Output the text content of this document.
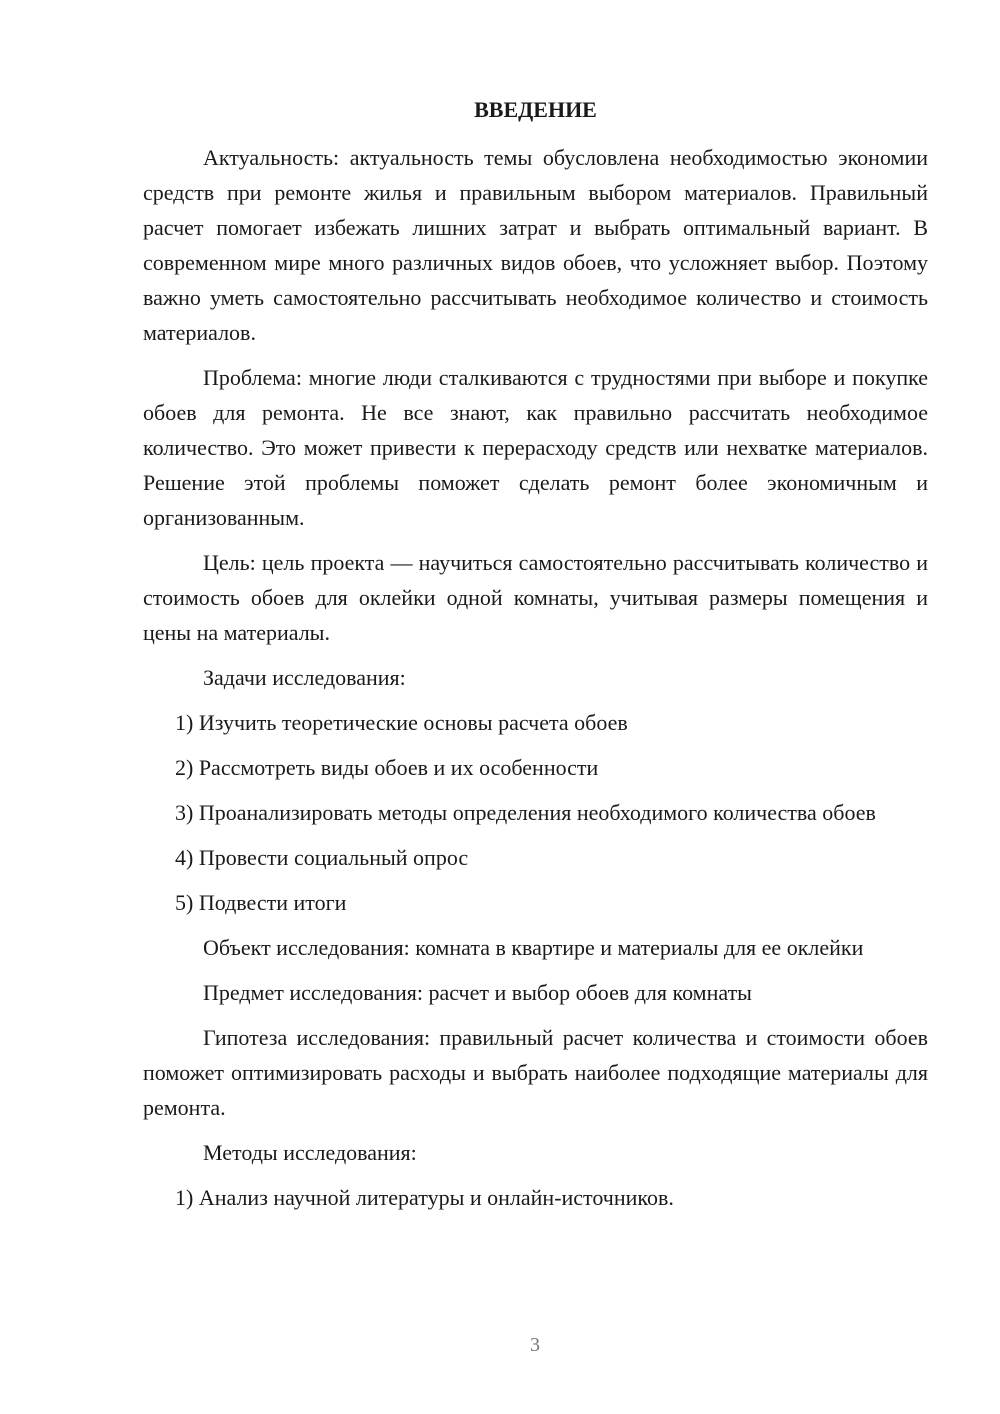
ВВЕДЕНИЕ

Актуальность: актуальность темы обусловлена необходимостью экономии средств при ремонте жилья и правильным выбором материалов. Правильный расчет помогает избежать лишних затрат и выбрать оптимальный вариант. В современном мире много различных видов обоев, что усложняет выбор. Поэтому важно уметь самостоятельно рассчитывать необходимое количество и стоимость материалов.

Проблема: многие люди сталкиваются с трудностями при выборе и покупке обоев для ремонта. Не все знают, как правильно рассчитать необходимое количество. Это может привести к перерасходу средств или нехватке материалов. Решение этой проблемы поможет сделать ремонт более экономичным и организованным.

Цель: цель проекта — научиться самостоятельно рассчитывать количество и стоимость обоев для оклейки одной комнаты, учитывая размеры помещения и цены на материалы.

Задачи исследования:

1) Изучить теоретические основы расчета обоев

2) Рассмотреть виды обоев и их особенности

3) Проанализировать методы определения необходимого количества обоев

4) Провести социальный опрос

5) Подвести итоги

Объект исследования: комната в квартире и материалы для ее оклейки

Предмет исследования: расчет и выбор обоев для комнаты

Гипотеза исследования: правильный расчет количества и стоимости обоев поможет оптимизировать расходы и выбрать наиболее подходящие материалы для ремонта.

Методы исследования:

1) Анализ научной литературы и онлайн-источников.

3
